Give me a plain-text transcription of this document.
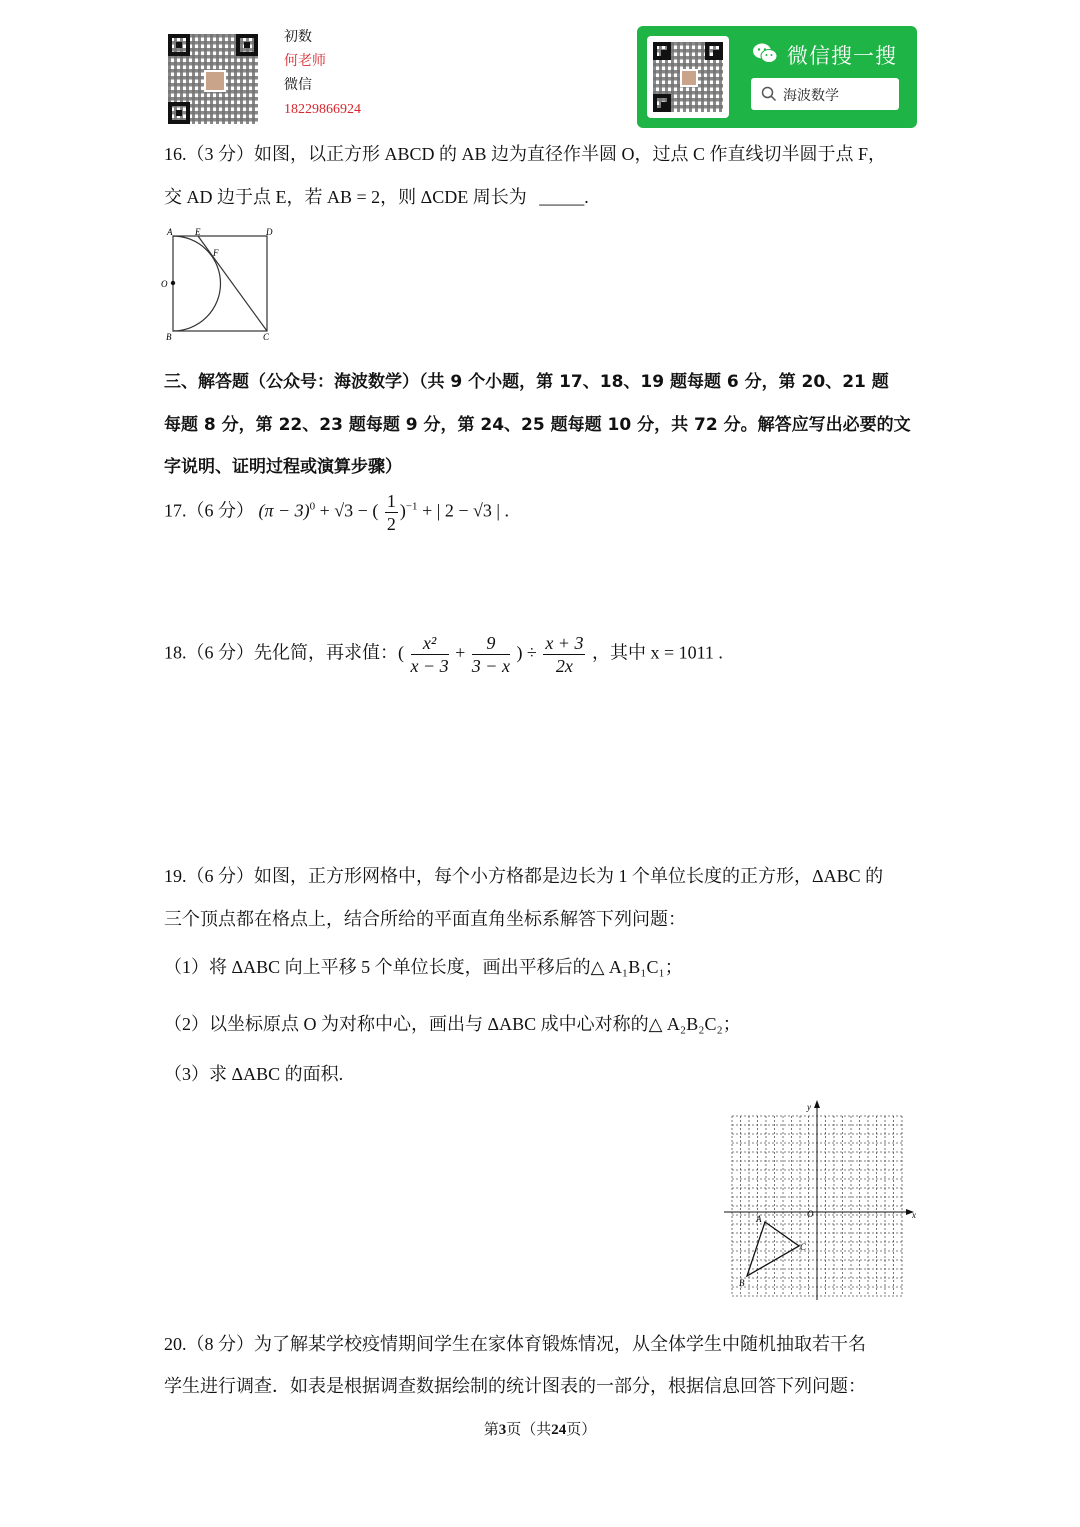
初数
何老师
微信
18229866924
微信搜一搜
海波数学
16.（3 分）如图，以正方形 ABCD 的 AB 边为直径作半圆 O，过点 C 作直线切半圆于点 F，
交 AD 边于点 E，若 AB = 2，则 ΔCDE 周长为 _____.
A	E	D
F
O
B	C
三、解答题（公众号：海波数学）（共 9 个小题，第 17、18、19 题每题 6 分，第 20、21 题
每题 8 分，第 22、23 题每题 9 分，第 24、25 题每题 10 分，共 72 分。解答应写出必要的文
字说明、证明过程或演算步骤）
17.（6 分） $(\pi - 3)^0 + √3$ − ( $\frac{1}{2} )^{-1}$ + | 2 − √3 | .
18.（6 分）先化简，再求值：( $\frac{\text{x²}}{x - 3} + \frac{9}{3 - x}$ ) ÷ $\frac{x + 3}{2x}$ ，其中 x = 1011 .
19.（6 分）如图，正方形网格中，每个小方格都是边长为 1 个单位长度的正方形，ΔABC 的
三个顶点都在格点上，结合所给的平面直角坐标系解答下列问题：
（1）将 ΔABC 向上平移 5 个单位长度，画出平移后的△ A₁B₁C₁；
（2）以坐标原点 O 为对称中心，画出与 ΔABC 成中心对称的△ A₂B₂C₂；
（3）求 ΔABC 的面积.
x
y
O
A
B
C
20.（8 分）为了解某学校疫情期间学生在家体育锻炼情况，从全体学生中随机抽取若干名
学生进行调查．如表是根据调查数据绘制的统计图表的一部分，根据信息回答下列问题：
第3页（共24页）
